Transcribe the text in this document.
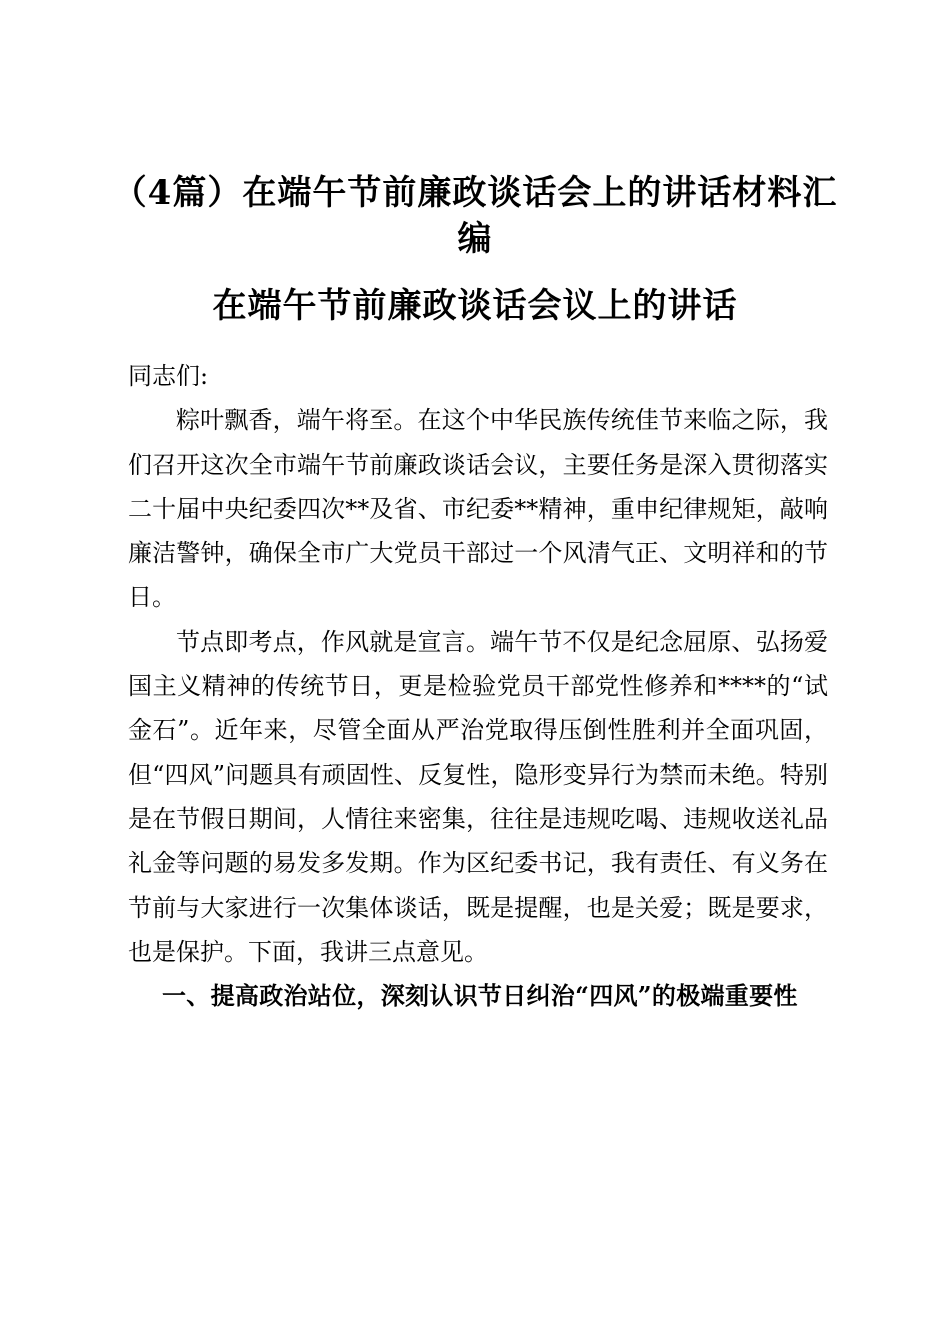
（4篇）在端午节前廉政谈话会上的讲话材料汇编
在端午节前廉政谈话会议上的讲话

同志们:

粽叶飘香，端午将至。在这个中华民族传统佳节来临之际，我们召开这次全市端午节前廉政谈话会议，主要任务是深入贯彻落实二十届中央纪委四次**及省、市纪委**精神，重申纪律规矩，敲响廉洁警钟，确保全市广大党员干部过一个风清气正、文明祥和的节日。

节点即考点，作风就是宣言。端午节不仅是纪念屈原、弘扬爱国主义精神的传统节日，更是检验党员干部党性修养和****的“试金石”。近年来，尽管全面从严治党取得压倒性胜利并全面巩固，但“四风”问题具有顽固性、反复性，隐形变异行为禁而未绝。特别是在节假日期间，人情往来密集，往往是违规吃喝、违规收送礼品礼金等问题的易发多发期。作为区纪委书记，我有责任、有义务在节前与大家进行一次集体谈话，既是提醒，也是关爱；既是要求，也是保护。下面，我讲三点意见。

一、提高政治站位，深刻认识节日纠治“四风”的极端重要性
